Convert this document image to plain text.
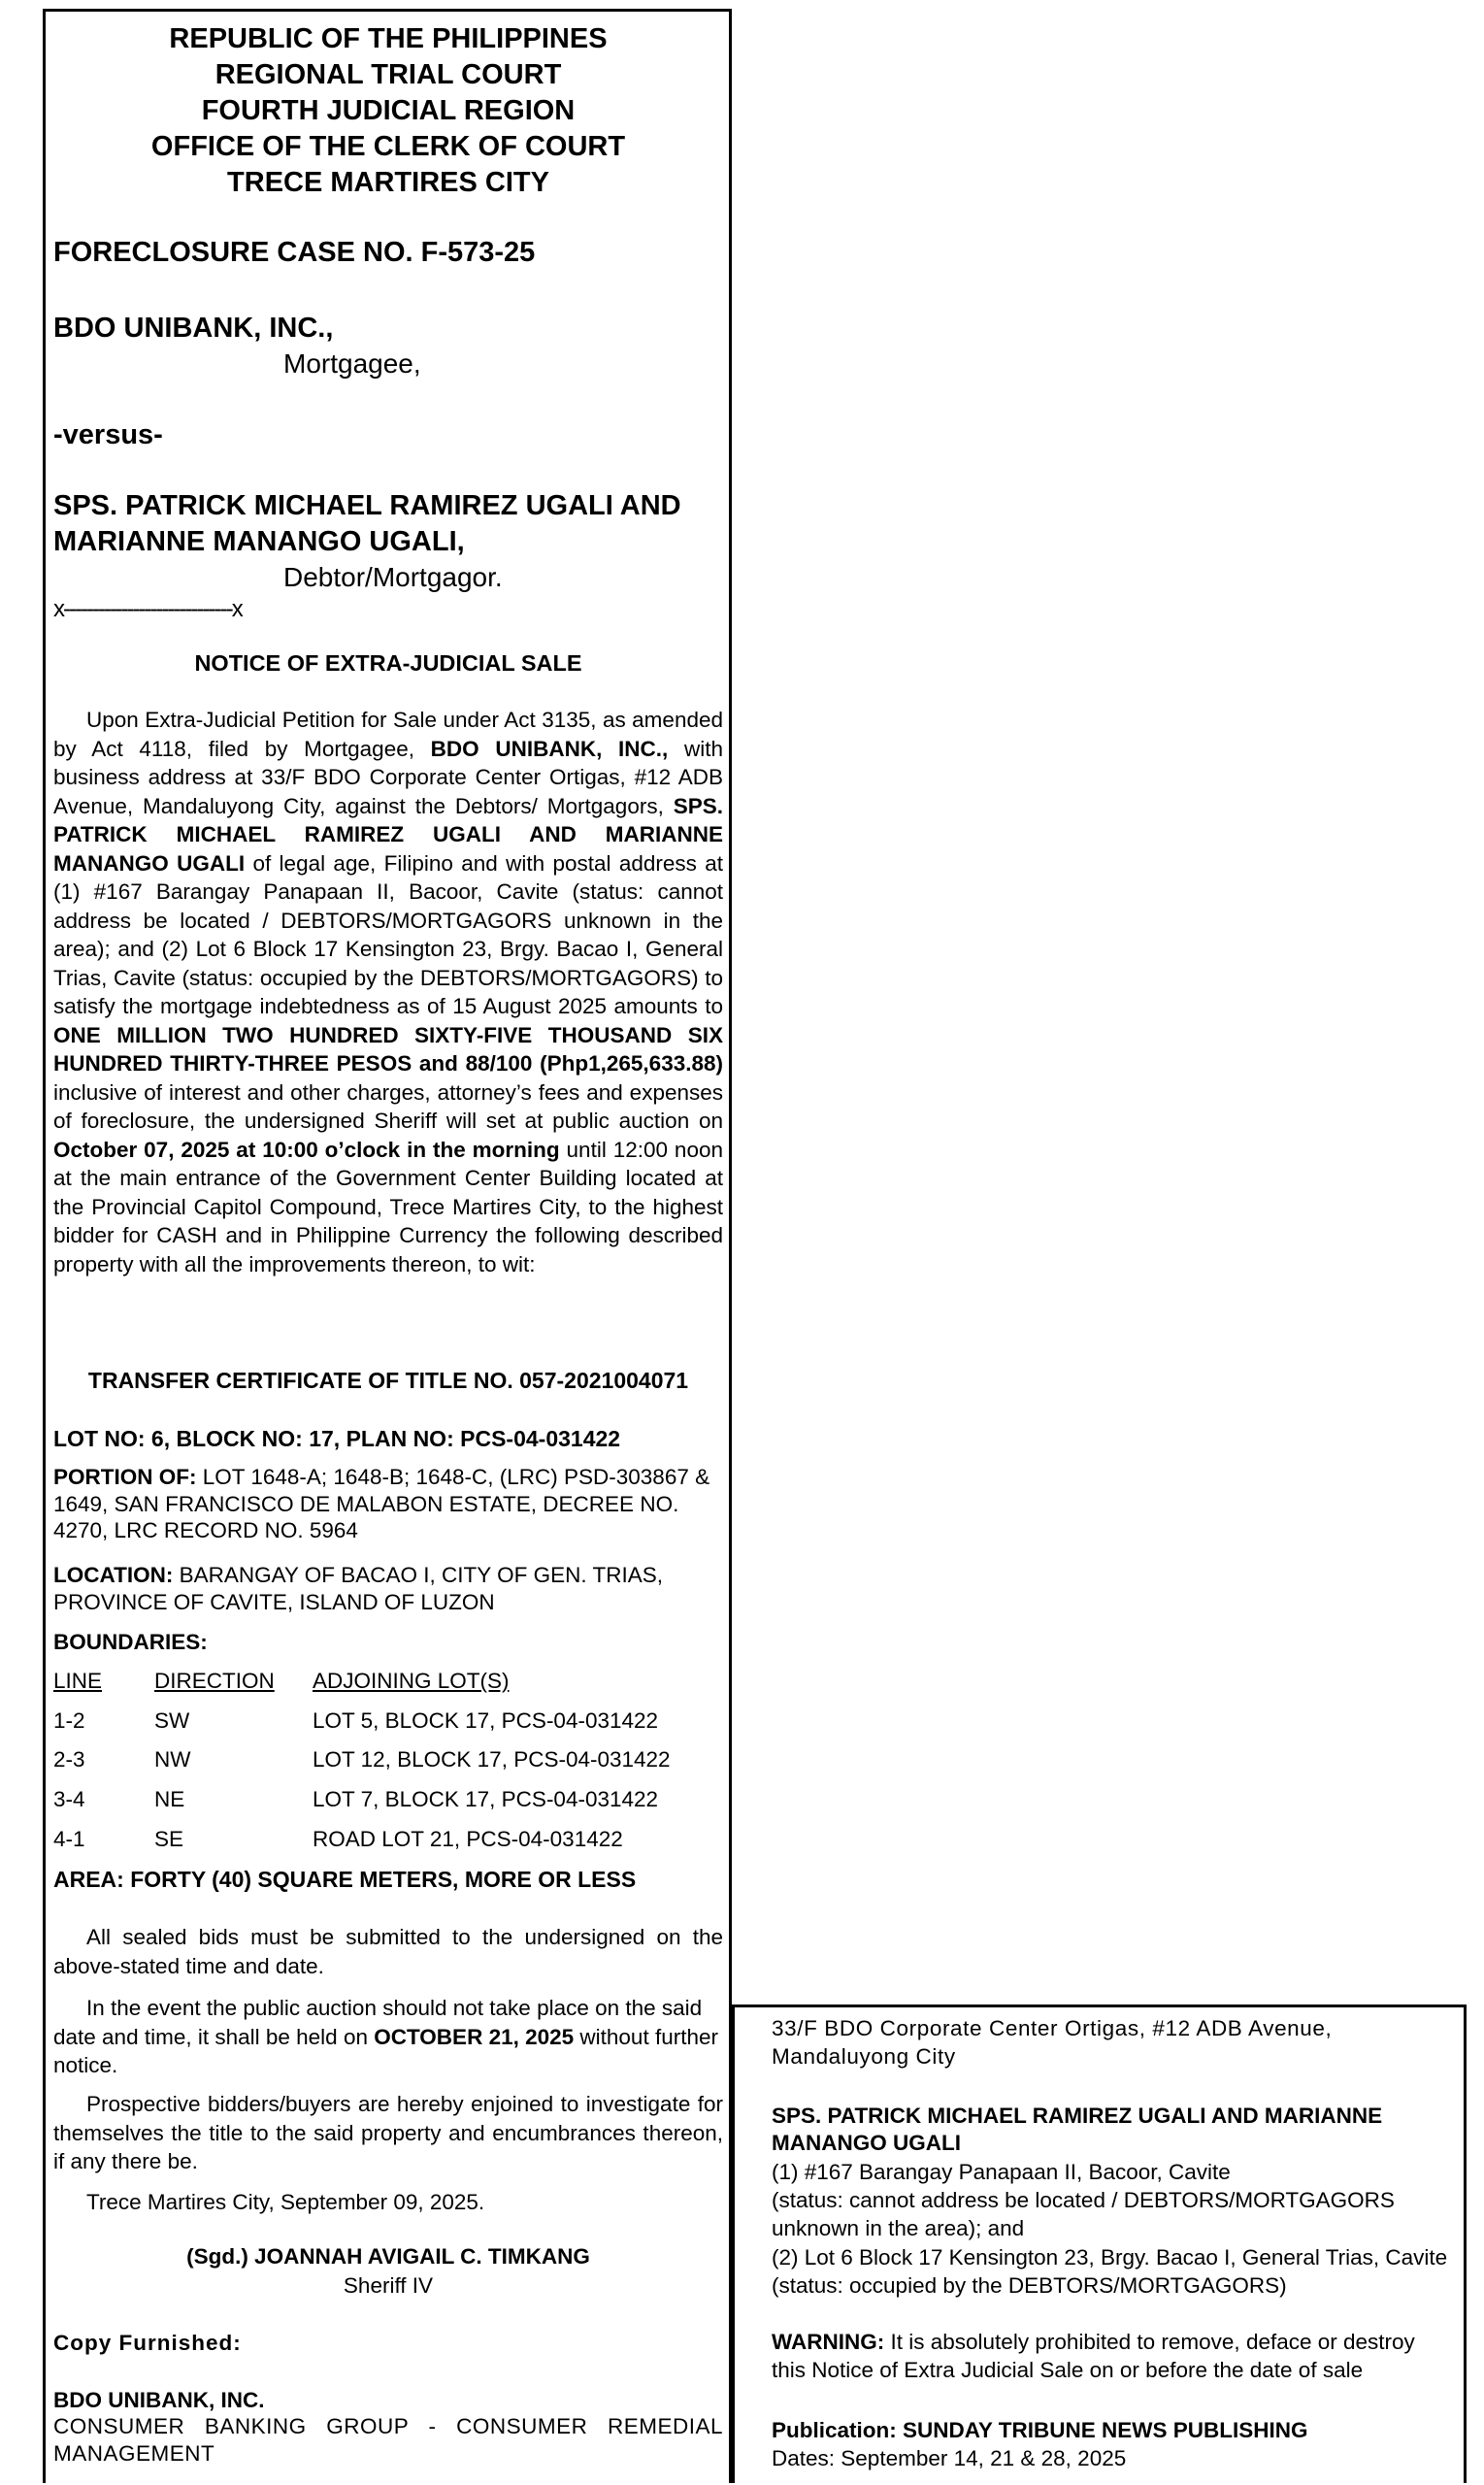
REPUBLIC OF THE PHILIPPINES
REGIONAL TRIAL COURT
FOURTH JUDICIAL REGION
OFFICE OF THE CLERK OF COURT
TRECE MARTIRES CITY
FORECLOSURE CASE NO. F-573-25
BDO UNIBANK, INC.,
Mortgagee,
-versus-
SPS. PATRICK MICHAEL RAMIREZ UGALI AND
MARIANNE MANANGO UGALI,
Debtor/Mortgagor.
x-----------------------------x
NOTICE OF EXTRA-JUDICIAL SALE

Upon Extra-Judicial Petition for Sale under Act 3135, as amended by Act 4118, filed by Mortgagee, BDO UNIBANK, INC., with business address at 33/F BDO Corporate Center Ortigas, #12 ADB Avenue, Mandaluyong City, against the Debtors/ Mortgagors, SPS. PATRICK MICHAEL RAMIREZ UGALI AND MARIANNE MANANGO UGALI of legal age, Filipino and with postal address at (1) #167 Barangay Panapaan II, Bacoor, Cavite (status: cannot address be located / DEBTORS/MORTGAGORS unknown in the area); and (2) Lot 6 Block 17 Kensington 23, Brgy. Bacao I, General Trias, Cavite (status: occupied by the DEBTORS/MORTGAGORS) to satisfy the mortgage indebtedness as of 15 August 2025 amounts to ONE MILLION TWO HUNDRED SIXTY-FIVE THOUSAND SIX HUNDRED THIRTY-THREE PESOS and 88/100 (Php1,265,633.88) inclusive of interest and other charges, attorney’s fees and expenses of foreclosure, the undersigned Sheriff will set at public auction on October 07, 2025 at 10:00 o’clock in the morning until 12:00 noon at the main entrance of the Government Center Building located at the Provincial Capitol Compound, Trece Martires City, to the highest bidder for CASH and in Philippine Currency the following described property with all the improvements thereon, to wit:

TRANSFER CERTIFICATE OF TITLE NO. 057-2021004071
LOT NO: 6, BLOCK NO: 17, PLAN NO: PCS-04-031422

PORTION OF: LOT 1648-A; 1648-B; 1648-C, (LRC) PSD-303867 & 1649, SAN FRANCISCO DE MALABON ESTATE, DECREE NO. 4270, LRC RECORD NO. 5964

LOCATION: BARANGAY OF BACAO I, CITY OF GEN. TRIAS, PROVINCE OF CAVITE, ISLAND OF LUZON

BOUNDARIES:
LINE DIRECTION ADJOINING LOT(S)
1-2	SW	LOT 5, BLOCK 17, PCS-04-031422
2-3	NW	LOT 12, BLOCK 17, PCS-04-031422
3-4	NE	LOT 7, BLOCK 17, PCS-04-031422
4-1	SE	ROAD LOT 21, PCS-04-031422
AREA: FORTY (40) SQUARE METERS, MORE OR LESS

All sealed bids must be submitted to the undersigned on the above-stated time and date.

In the event the public auction should not take place on the said date and time, it shall be held on OCTOBER 21, 2025 without further notice.

Prospective bidders/buyers are hereby enjoined to investigate for themselves the title to the said property and encumbrances thereon, if any there be.

Trece Martires City, September 09, 2025.
(Sgd.) JOANNAH AVIGAIL C. TIMKANG
Sheriff IV
Copy Furnished:
BDO UNIBANK, INC.
CONSUMER BANKING GROUP - CONSUMER REMEDIAL MANAGEMENT
33/F BDO Corporate Center Ortigas, #12 ADB Avenue, Mandaluyong City
SPS. PATRICK MICHAEL RAMIREZ UGALI AND MARIANNE MANANGO UGALI
(1) #167 Barangay Panapaan II, Bacoor, Cavite
(status: cannot address be located / DEBTORS/MORTGAGORS unknown in the area); and
(2) Lot 6 Block 17 Kensington 23, Brgy. Bacao I, General Trias, Cavite (status: occupied by the DEBTORS/MORTGAGORS)
WARNING: It is absolutely prohibited to remove, deface or destroy this Notice of Extra Judicial Sale on or before the date of sale
Publication: SUNDAY TRIBUNE NEWS PUBLISHING
Dates: September 14, 21 & 28, 2025
